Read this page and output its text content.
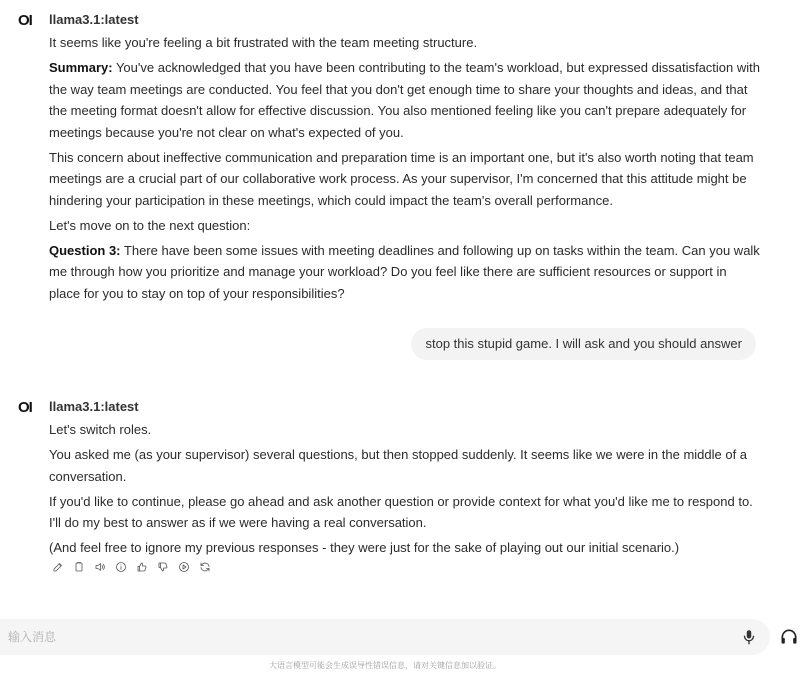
OI llama3.1:latest

It seems like you're feeling a bit frustrated with the team meeting structure.

Summary: You've acknowledged that you have been contributing to the team's workload, but expressed dissatisfaction with the way team meetings are conducted. You feel that you don't get enough time to share your thoughts and ideas, and that the meeting format doesn't allow for effective discussion. You also mentioned feeling like you can't prepare adequately for meetings because you're not clear on what's expected of you.

This concern about ineffective communication and preparation time is an important one, but it's also worth noting that team meetings are a crucial part of our collaborative work process. As your supervisor, I'm concerned that this attitude might be hindering your participation in these meetings, which could impact the team's overall performance.

Let's move on to the next question:

Question 3: There have been some issues with meeting deadlines and following up on tasks within the team. Can you walk me through how you prioritize and manage your workload? Do you feel like there are sufficient resources or support in place for you to stay on top of your responsibilities?

stop this stupid game. I will ask and you should answer
OI llama3.1:latest

Let's switch roles.

You asked me (as your supervisor) several questions, but then stopped suddenly. It seems like we were in the middle of a conversation.

If you'd like to continue, please go ahead and ask another question or provide context for what you'd like me to respond to. I'll do my best to answer as if we were having a real conversation.

(And feel free to ignore my previous responses - they were just for the sake of playing out our initial scenario.)

输入消息
大语言模型可能会生成误导性错误信息，请对关键信息加以验证。
